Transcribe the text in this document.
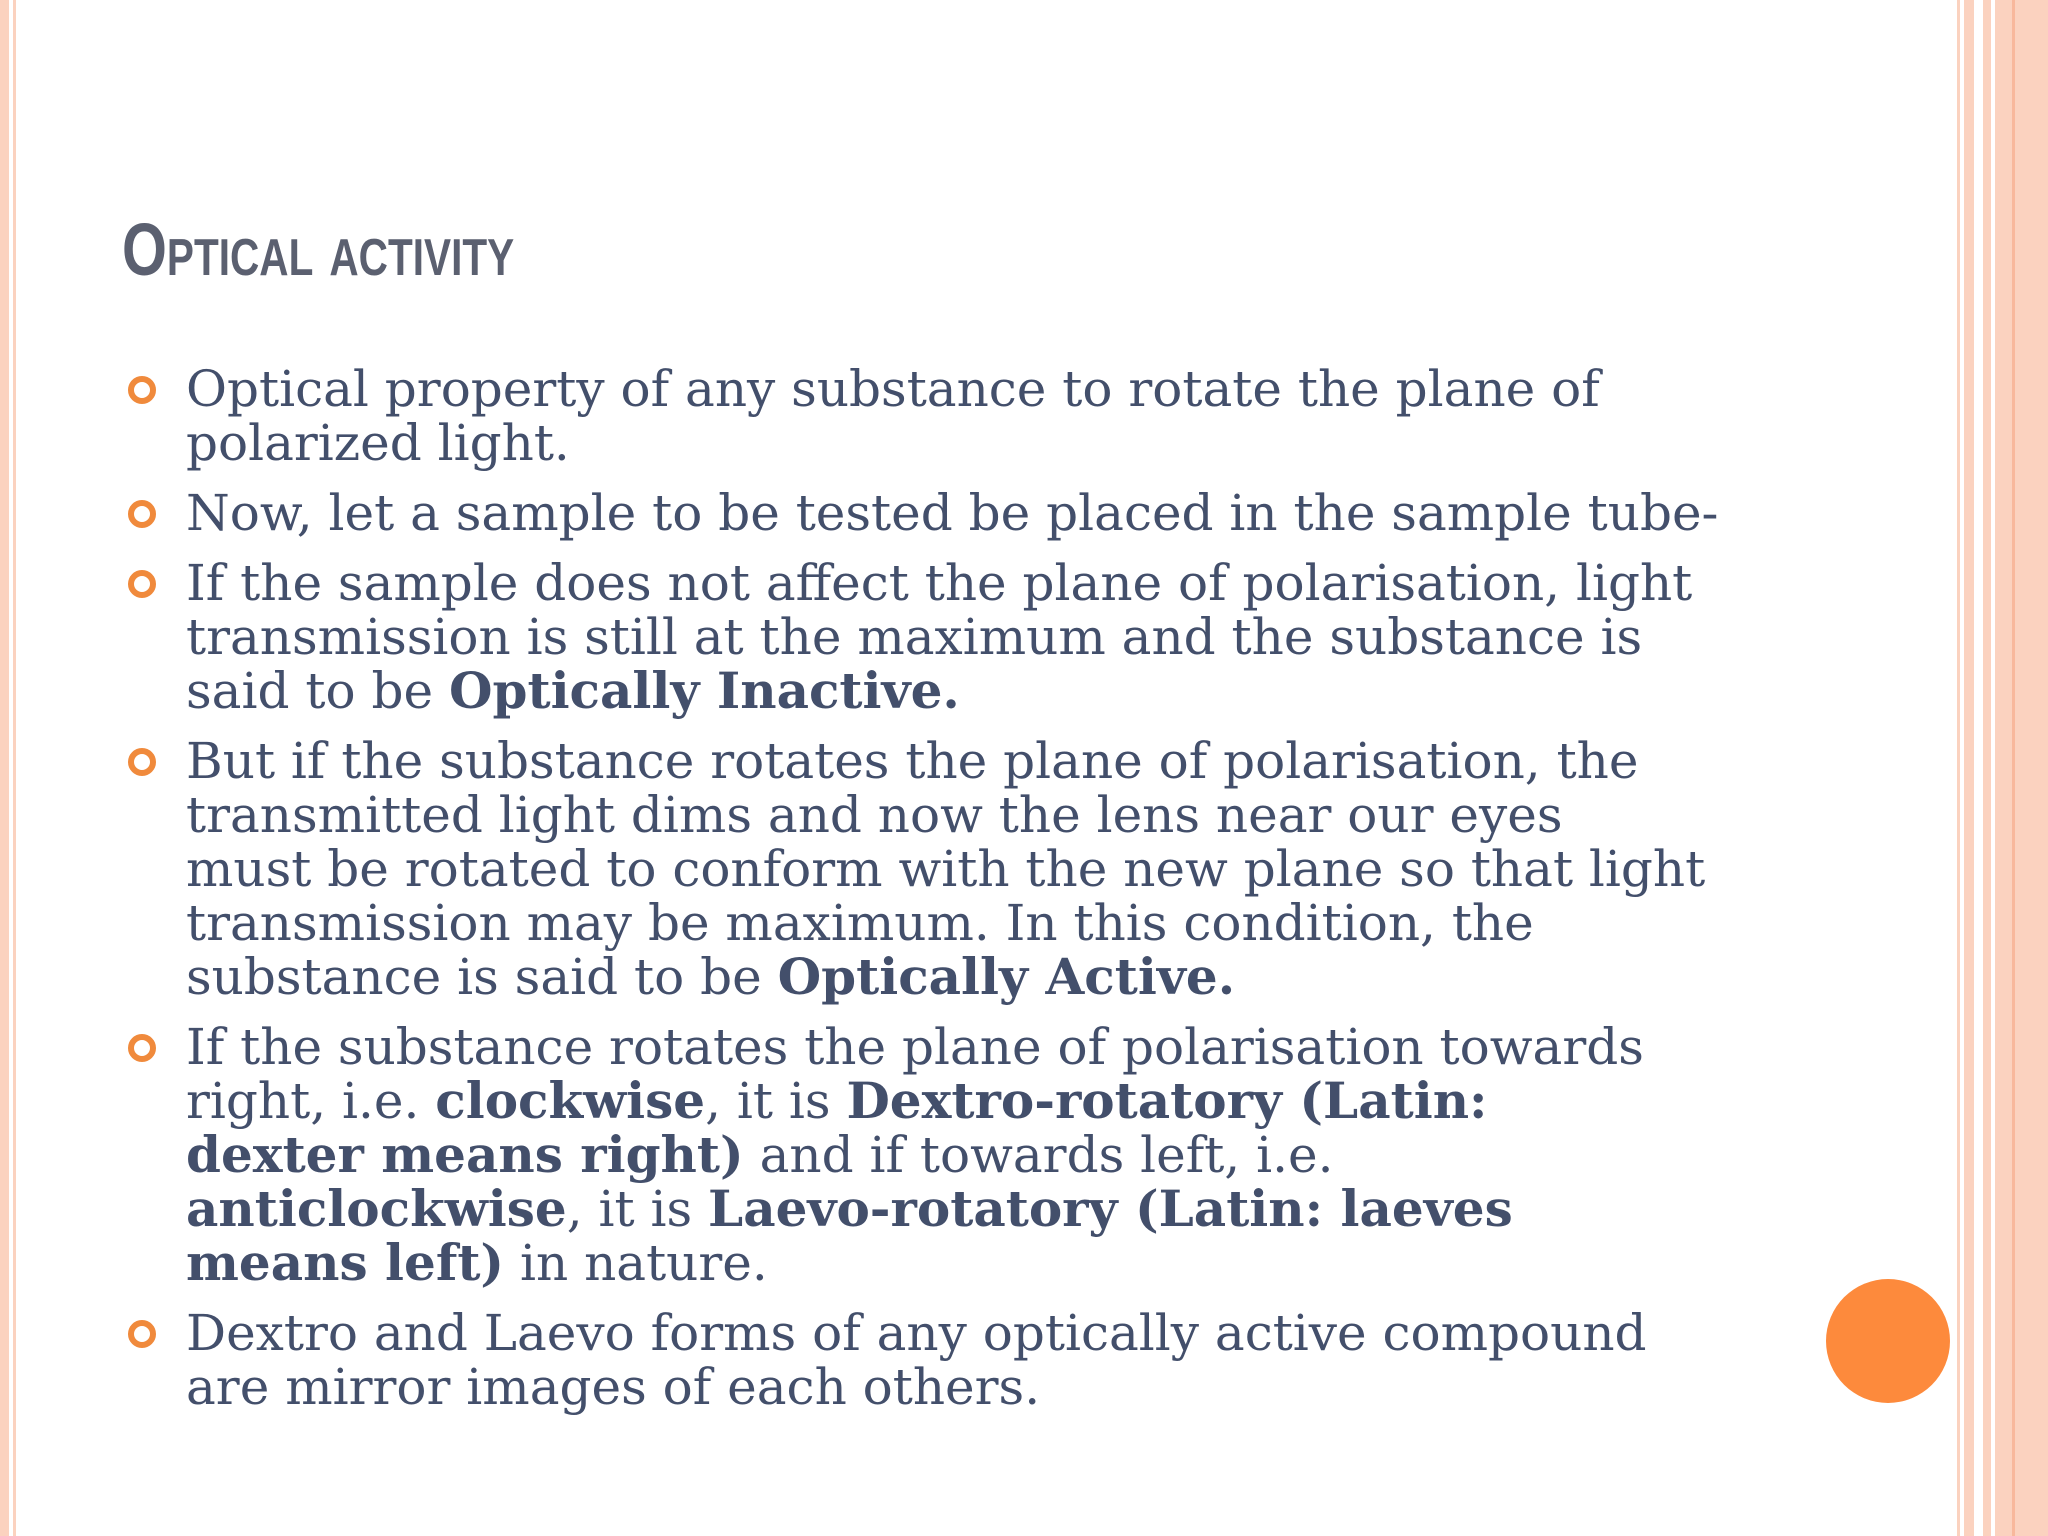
Optical activity
Optical property of any substance to rotate the plane of
polarized light.
Now, let a sample to be tested be placed in the sample tube-
If the sample does not affect the plane of polarisation, light
transmission is still at the maximum and the substance is
said to be Optically Inactive.
But if the substance rotates the plane of polarisation, the
transmitted light dims and now the lens near our eyes
must be rotated to conform with the new plane so that light
transmission may be maximum. In this condition, the
substance is said to be Optically Active.
If the substance rotates the plane of polarisation towards
right, i.e. clockwise, it is Dextro-rotatory (Latin:
dexter means right) and if towards left, i.e.
anticlockwise, it is Laevo-rotatory (Latin: laeves
means left) in nature.
Dextro and Laevo forms of any optically active compound
are mirror images of each others.
